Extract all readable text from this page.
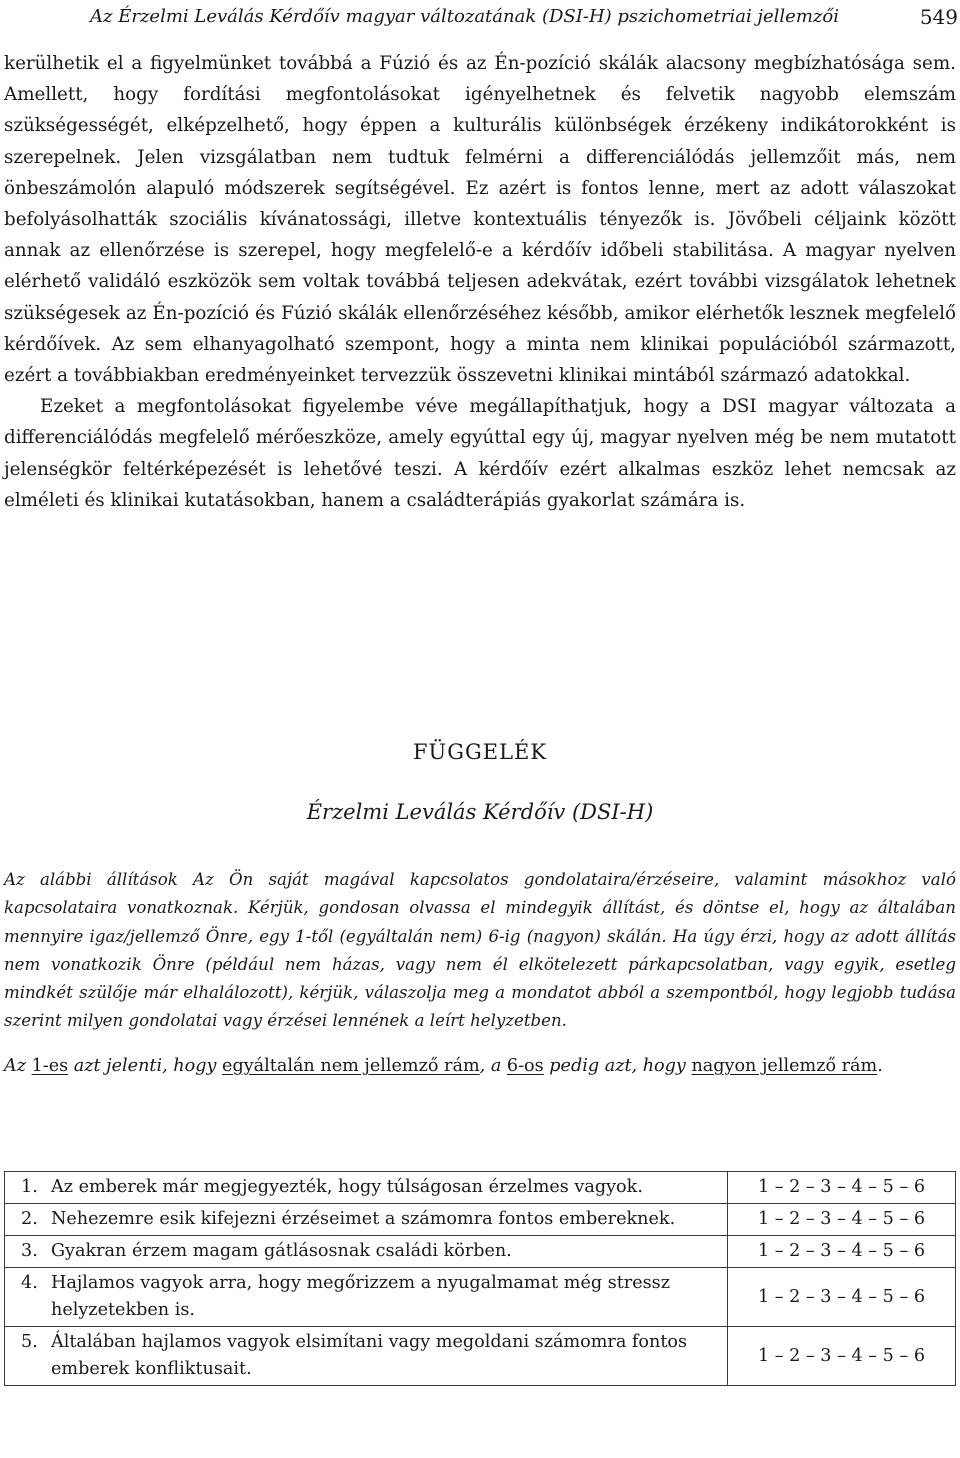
Az Érzelmi Leválás Kérdőív magyar változatának (DSI-H) pszichometriai jellemzői	549

kerülhetik el a figyelmünket továbbá a Fúzió és az Én-pozíció skálák alacsony megbízhatósága sem. Amellett, hogy fordítási megfontolásokat igényelhetnek és felvetik nagyobb elemszám szükségességét, elképzelhető, hogy éppen a kulturális különbségek érzékeny indikátorokként is szerepelnek. Jelen vizsgálatban nem tudtuk felmérni a differenciálódás jellemzőit más, nem önbeszámolón alapuló módszerek segítségével. Ez azért is fontos lenne, mert az adott válaszokat befolyásolhatták szociális kívánatossági, illetve kontextuális tényezők is. Jövőbeli céljaink között annak az ellenőrzése is szerepel, hogy megfelelő-e a kérdőív időbeli stabilitása. A magyar nyelven elérhető validáló eszközök sem voltak továbbá teljesen adekvátak, ezért további vizsgálatok lehetnek szükségesek az Én-pozíció és Fúzió skálák ellenőrzéséhez később, amikor elérhetők lesznek megfelelő kérdőívek. Az sem elhanyagolható szempont, hogy a minta nem klinikai populációból származott, ezért a továbbiakban eredményeinket tervezzük összevetni klinikai mintából származó adatokkal.

Ezeket a megfontolásokat figyelembe véve megállapíthatjuk, hogy a DSI magyar változata a differenciálódás megfelelő mérőeszköze, amely egyúttal egy új, magyar nyelven még be nem mutatott jelenségkör feltérképezését is lehetővé teszi. A kérdőív ezért alkalmas eszköz lehet nemcsak az elméleti és klinikai kutatásokban, hanem a családterápiás gyakorlat számára is.

FÜGGELÉK
Érzelmi Leválás Kérdőív (DSI-H)
Az alábbi állítások Az Ön saját magával kapcsolatos gondolataira/érzéseire, valamint másokhoz való kapcsolataira vonatkoznak. Kérjük, gondosan olvassa el mindegyik állítást, és döntse el, hogy az általában mennyire igaz/jellemző Önre, egy 1-től (egyáltalán nem) 6-ig (nagyon) skálán. Ha úgy érzi, hogy az adott állítás nem vonatkozik Önre (például nem házas, vagy nem él elkötelezett párkapcsolatban, vagy egyik, esetleg mindkét szülője már elhalálozott), kérjük, válaszolja meg a mondatot abból a szempontból, hogy legjobb tudása szerint milyen gondolatai vagy érzései lennének a leírt helyzetben.
Az 1-es azt jelenti, hogy egyáltalán nem jellemző rám, a 6-os pedig azt, hogy nagyon jellemző rám.
1. Az emberek már megjegyezték, hogy túlságosan érzelmes vagyok.	1 – 2 – 3 – 4 – 5 – 6
2. Nehezemre esik kifejezni érzéseimet a számomra fontos embereknek.	1 – 2 – 3 – 4 – 5 – 6
3. Gyakran érzem magam gátlásosnak családi körben.	1 – 2 – 3 – 4 – 5 – 6
4. Hajlamos vagyok arra, hogy megőrizzem a nyugalmamat még stressz helyzetekben is.	1 – 2 – 3 – 4 – 5 – 6
5. Általában hajlamos vagyok elsimítani vagy megoldani számomra fontos emberek konfliktusait.	1 – 2 – 3 – 4 – 5 – 6
